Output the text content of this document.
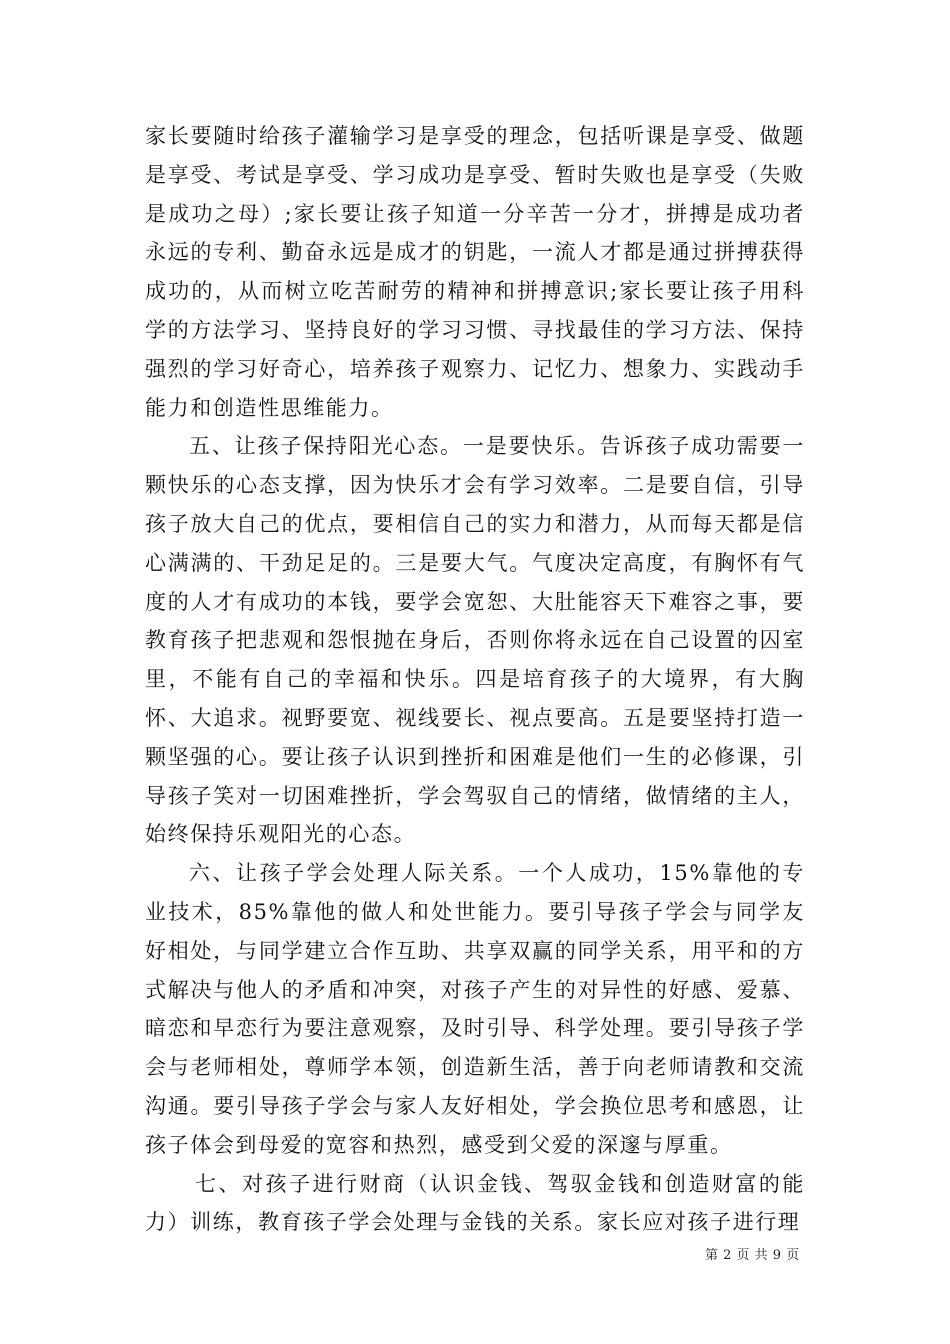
家长要随时给孩子灌输学习是享受的理念，包括听课是享受、做题是享受、考试是享受、学习成功是享受、暂时失败也是享受（失败是成功之母）;家长要让孩子知道一分辛苦一分才，拼搏是成功者永远的专利、勤奋永远是成才的钥匙，一流人才都是通过拼搏获得成功的，从而树立吃苦耐劳的精神和拼搏意识;家长要让孩子用科学的方法学习、坚持良好的学习习惯、寻找最佳的学习方法、保持强烈的学习好奇心，培养孩子观察力、记忆力、想象力、实践动手能力和创造性思维能力。

五、让孩子保持阳光心态。一是要快乐。告诉孩子成功需要一颗快乐的心态支撑，因为快乐才会有学习效率。二是要自信，引导孩子放大自己的优点，要相信自己的实力和潜力，从而每天都是信心满满的、干劲足足的。三是要大气。气度决定高度，有胸怀有气度的人才有成功的本钱，要学会宽恕、大肚能容天下难容之事，要教育孩子把悲观和怨恨抛在身后，否则你将永远在自己设置的囚室里，不能有自己的幸福和快乐。四是培育孩子的大境界，有大胸怀、大追求。视野要宽、视线要长、视点要高。五是要坚持打造一颗坚强的心。要让孩子认识到挫折和困难是他们一生的必修课，引导孩子笑对一切困难挫折，学会驾驭自己的情绪，做情绪的主人，始终保持乐观阳光的心态。

六、让孩子学会处理人际关系。一个人成功，15%靠他的专业技术，85%靠他的做人和处世能力。要引导孩子学会与同学友好相处，与同学建立合作互助、共享双赢的同学关系，用平和的方式解决与他人的矛盾和冲突，对孩子产生的对异性的好感、爱慕、暗恋和早恋行为要注意观察，及时引导、科学处理。要引导孩子学会与老师相处，尊师学本领，创造新生活，善于向老师请教和交流沟通。要引导孩子学会与家人友好相处，学会换位思考和感恩，让孩子体会到母爱的宽容和热烈，感受到父爱的深邃与厚重。

七、对孩子进行财商（认识金钱、驾驭金钱和创造财富的能力）训练，教育孩子学会处理与金钱的关系。家长应对孩子进行理

第 2 页 共 9 页
